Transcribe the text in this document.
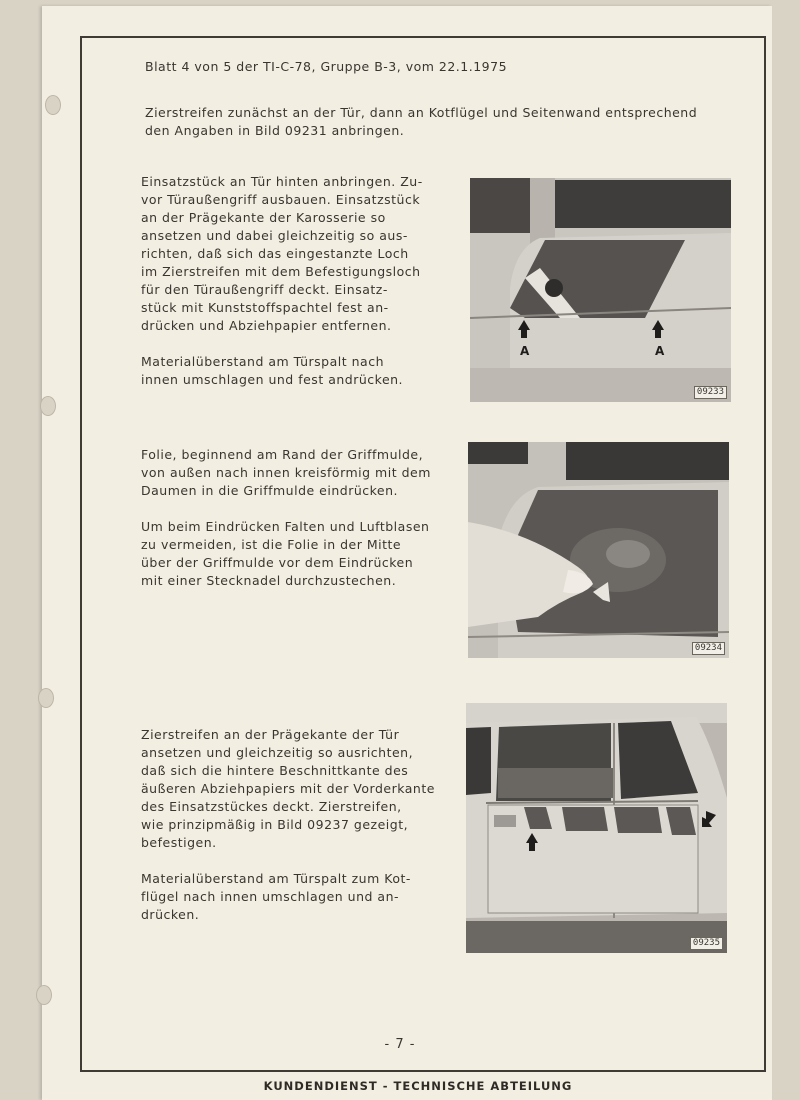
Blatt 4 von 5 der TI-C-78, Gruppe B-3, vom 22.1.1975

Zierstreifen zunächst an der Tür, dann an Kotflügel und Seitenwand entsprechend
den Angaben in Bild 09231 anbringen.

Einsatzstück an Tür hinten anbringen. Zu-
vor Türaußengriff ausbauen. Einsatzstück
an der Prägekante der Karosserie so
ansetzen und dabei gleichzeitig so aus-
richten, daß sich das eingestanzte Loch
im Zierstreifen mit dem Befestigungsloch
für den Türaußengriff deckt. Einsatz-
stück mit Kunststoffspachtel fest an-
drücken und Abziehpapier entfernen.

Materialüberstand am Türspalt nach
innen umschlagen und fest andrücken.

A	A
09233

Folie, beginnend am Rand der Griffmulde,
von außen nach innen kreisförmig mit dem
Daumen in die Griffmulde eindrücken.

Um beim Eindrücken Falten und Luftblasen
zu vermeiden, ist die Folie in der Mitte
über der Griffmulde vor dem Eindrücken
mit einer Stecknadel durchzustechen.

09234

Zierstreifen an der Prägekante der Tür
ansetzen und gleichzeitig so ausrichten,
daß sich die hintere Beschnittkante des
äußeren Abziehpapiers mit der Vorderkante
des Einsatzstückes deckt. Zierstreifen,
wie prinzipmäßig in Bild 09237 gezeigt,
befestigen.

Materialüberstand am Türspalt zum Kot-
flügel nach innen umschlagen und an-
drücken.

09235
- 7 -
KUNDENDIENST - TECHNISCHE ABTEILUNG
